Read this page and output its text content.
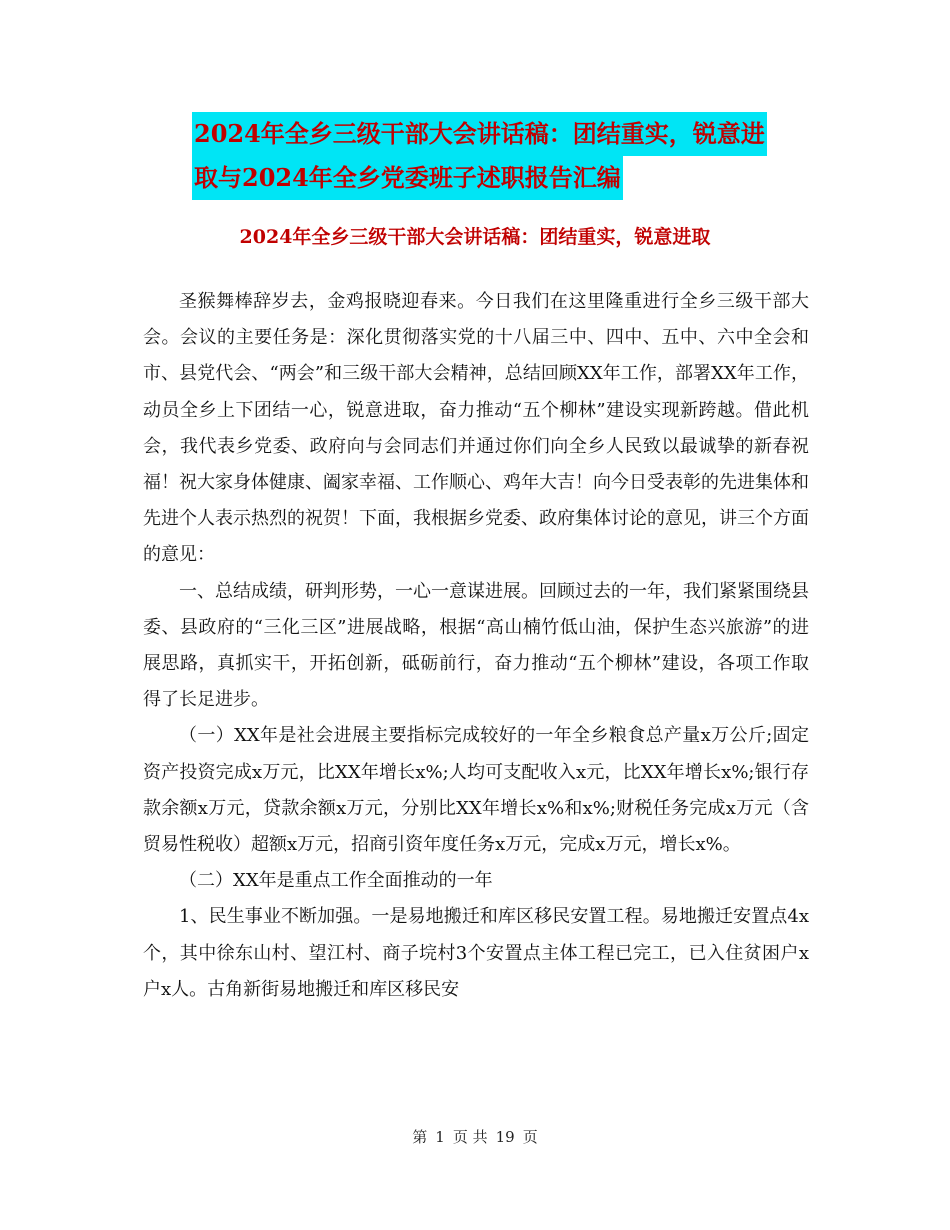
2024年全乡三级干部大会讲话稿：团结重实，锐意进
取与2024年全乡党委班子述职报告汇编
2024年全乡三级干部大会讲话稿：团结重实，锐意进取

圣猴舞棒辞岁去，金鸡报晓迎春来。今日我们在这里隆重进行全乡三级干部大会。会议的主要任务是：深化贯彻落实党的十八届三中、四中、五中、六中全会和市、县党代会、“两会”和三级干部大会精神，总结回顾XX年工作，部署XX年工作，动员全乡上下团结一心，锐意进取，奋力推动“五个柳林”建设实现新跨越。借此机会，我代表乡党委、政府向与会同志们并通过你们向全乡人民致以最诚挚的新春祝福！祝大家身体健康、阖家幸福、工作顺心、鸡年大吉！向今日受表彰的先进集体和先进个人表示热烈的祝贺！下面，我根据乡党委、政府集体讨论的意见，讲三个方面的意见：

一、总结成绩，研判形势，一心一意谋进展。回顾过去的一年，我们紧紧围绕县委、县政府的“三化三区”进展战略，根据“高山楠竹低山油，保护生态兴旅游”的进展思路，真抓实干，开拓创新，砥砺前行，奋力推动“五个柳林”建设，各项工作取得了长足进步。

（一）XX年是社会进展主要指标完成较好的一年全乡粮食总产量x万公斤;固定资产投资完成x万元，比XX年增长x%;人均可支配收入x元，比XX年增长x%;银行存款余额x万元，贷款余额x万元，分别比XX年增长x%和x%;财税任务完成x万元（含贸易性税收）超额x万元，招商引资年度任务x万元，完成x万元，增长x%。

（二）XX年是重点工作全面推动的一年

1、民生事业不断加强。一是易地搬迁和库区移民安置工程。易地搬迁安置点4x个，其中徐东山村、望江村、商子垸村3个安置点主体工程已完工，已入住贫困户x户x人。古角新街易地搬迁和库区移民安

第 1 页 共 19 页
